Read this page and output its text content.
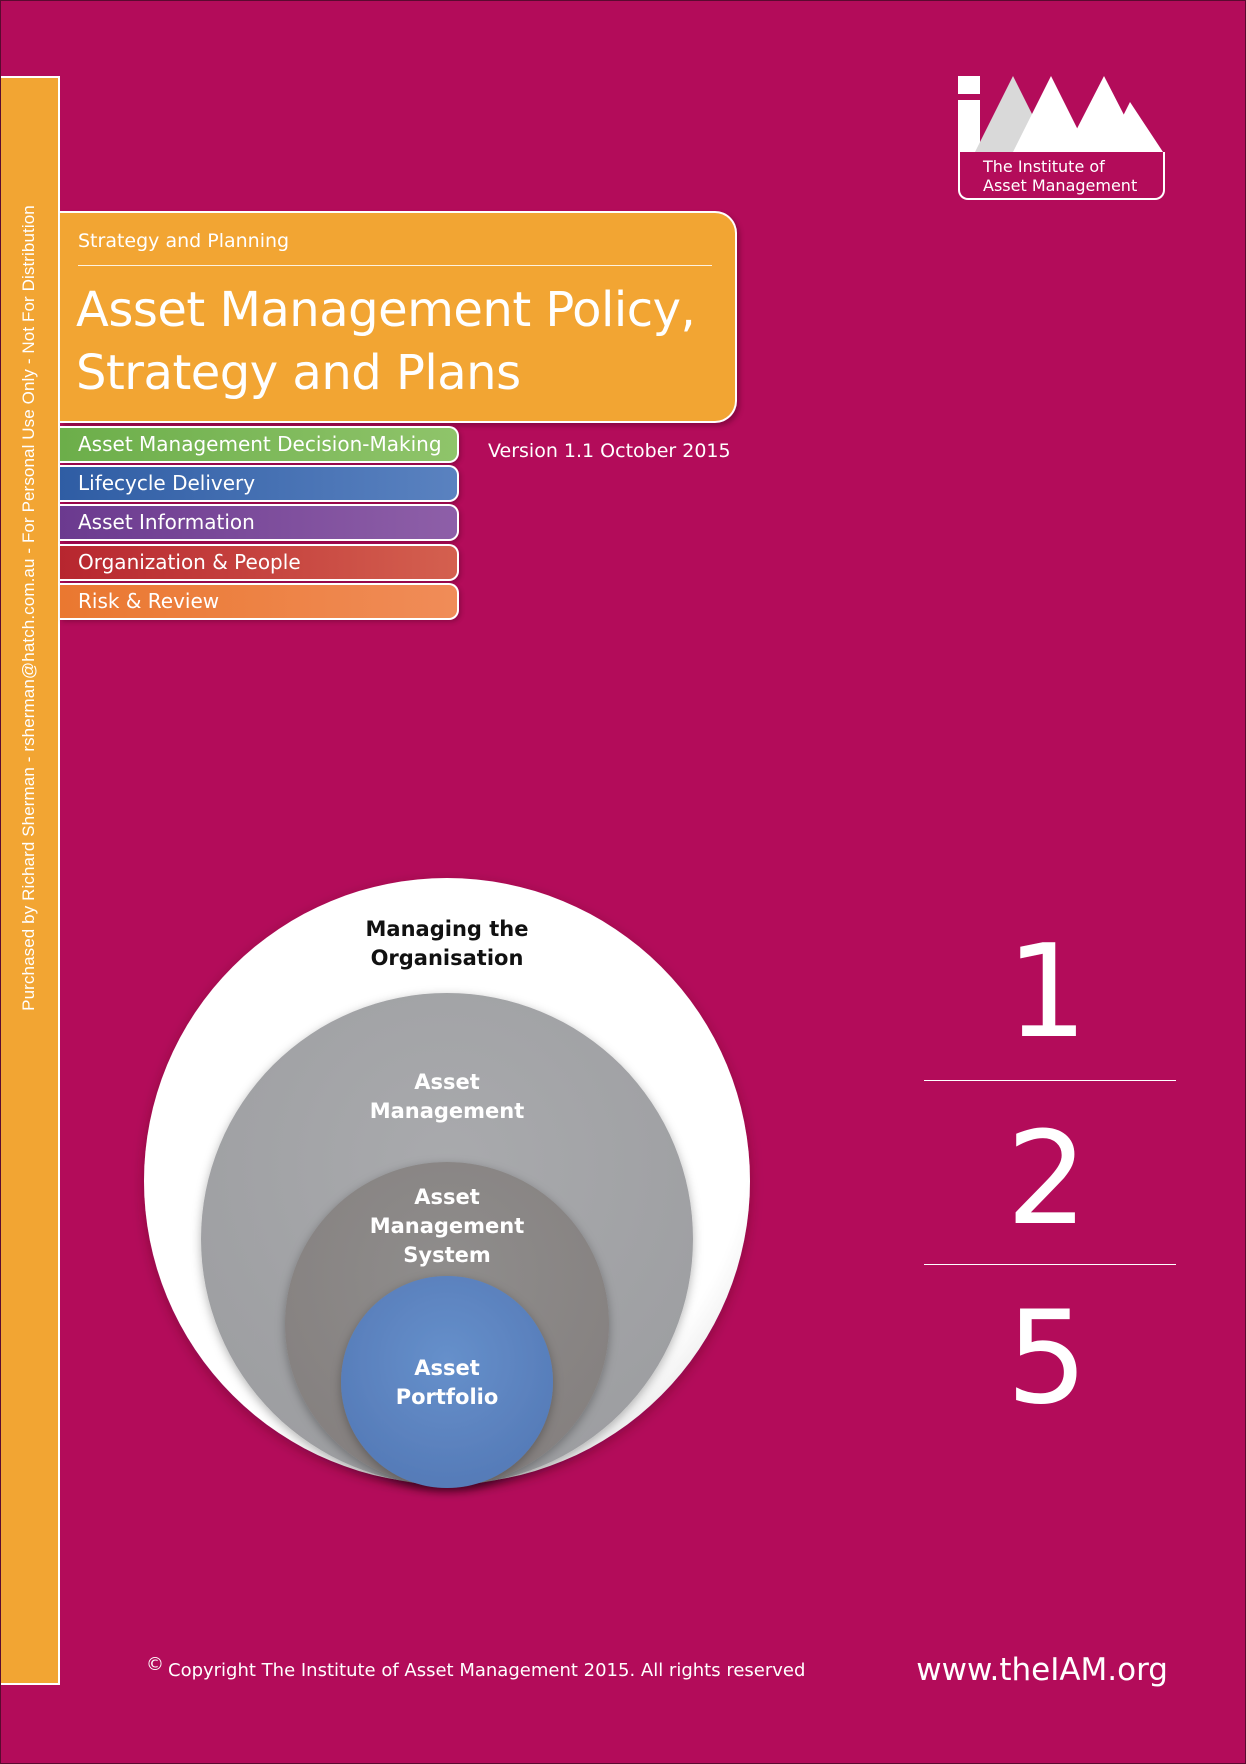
Purchased by Richard Sherman - rsherman@hatch.com.au - For Personal Use Only - Not For Distribution
The Institute of
Asset Management
Strategy and Planning
Asset Management Policy,
Strategy and Plans
Asset Management Decision-Making
Lifecycle Delivery
Asset Information
Organization & People
Risk & Review
Version 1.1 October 2015
Managing the
Organisation
Asset
Management
Asset
Management
System
Asset
Portfolio
1
2
5
© Copyright The Institute of Asset Management 2015. All rights reserved	www.theIAM.org
